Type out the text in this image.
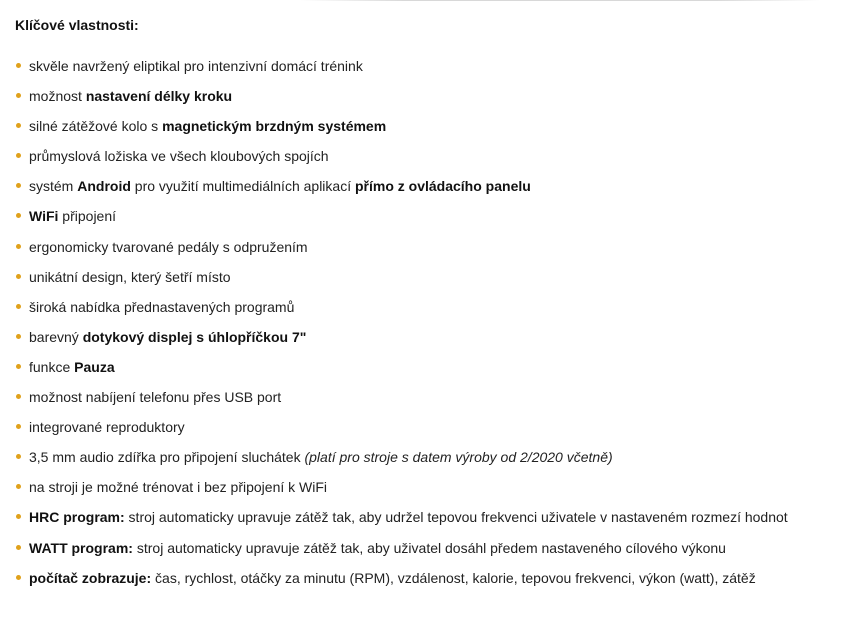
Klíčové vlastnosti:
skvěle navržený eliptikal pro intenzivní domácí trénink
možnost nastavení délky kroku
silné zátěžové kolo s magnetickým brzdným systémem
průmyslová ložiska ve všech kloubových spojích
systém Android pro využití multimediálních aplikací přímo z ovládacího panelu
WiFi připojení
ergonomicky tvarované pedály s odpružením
unikátní design, který šetří místo
široká nabídka přednastavených programů
barevný dotykový displej s úhlopříčkou 7"
funkce Pauza
možnost nabíjení telefonu přes USB port
integrované reproduktory
3,5 mm audio zdířka pro připojení sluchátek (platí pro stroje s datem výroby od 2/2020 včetně)
na stroji je možné trénovat i bez připojení k WiFi
HRC program: stroj automaticky upravuje zátěž tak, aby udržel tepovou frekvenci uživatele v nastaveném rozmezí hodnot
WATT program: stroj automaticky upravuje zátěž tak, aby uživatel dosáhl předem nastaveného cílového výkonu
počítač zobrazuje: čas, rychlost, otáčky za minutu (RPM), vzdálenost, kalorie, tepovou frekvenci, výkon (watt), zátěž
